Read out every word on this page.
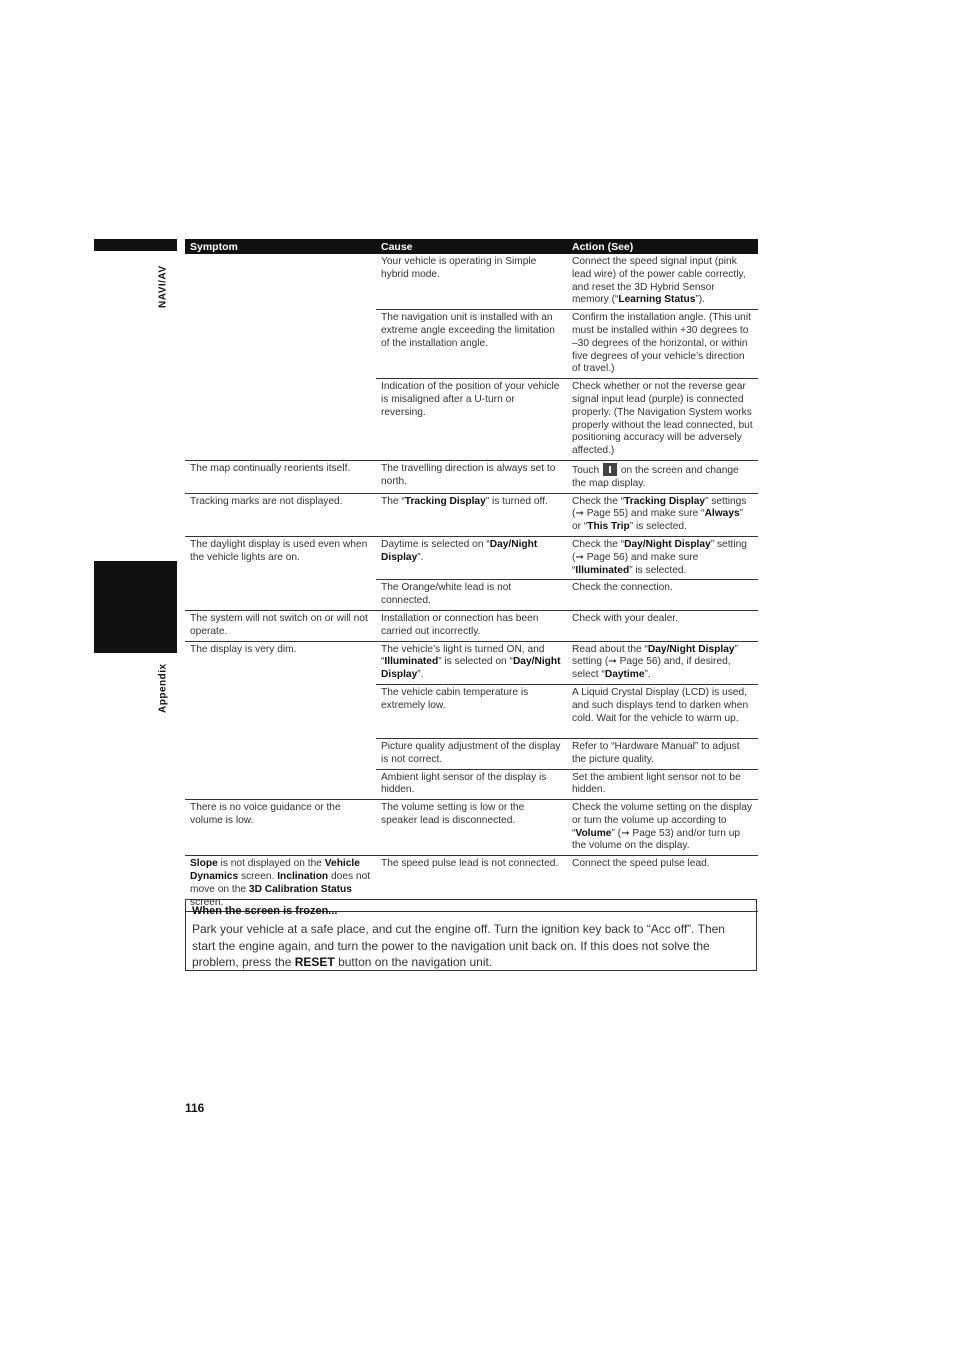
NAVI/AV
Appendix
Symptom	Cause	Action (See)
	Your vehicle is operating in Simple hybrid mode.	Connect the speed signal input (pink lead wire) of the power cable correctly, and reset the 3D Hybrid Sensor memory (“Learning Status”).
	The navigation unit is installed with an extreme angle exceeding the limitation of the installation angle.	Confirm the installation angle. (This unit must be installed within +30 degrees to –30 degrees of the horizontal, or within five degrees of your vehicle’s direction of travel.)
	Indication of the position of your vehicle is misaligned after a U-turn or reversing.	Check whether or not the reverse gear signal input lead (purple) is connected properly. (The Navigation System works properly without the lead connected, but positioning accuracy will be adversely affected.)
The map continually reorients itself.	The travelling direction is always set to north.	Touch on the screen and change the map display.
Tracking marks are not displayed.	The “Tracking Display” is turned off.	Check the “Tracking Display” settings (➞ Page 55) and make sure “Always” or “This Trip” is selected.
The daylight display is used even when the vehicle lights are on.	Daytime is selected on “Day/Night Display”.	Check the “Day/Night Display” setting (➞ Page 56) and make sure “Illuminated” is selected.
	The Orange/white lead is not connected.	Check the connection.
The system will not switch on or will not operate.	Installation or connection has been carried out incorrectly.	Check with your dealer.
The display is very dim.	The vehicle’s light is turned ON, and “Illuminated” is selected on “Day/Night Display”.	Read about the “Day/Night Display” setting (➞ Page 56) and, if desired, select “Daytime”.
	The vehicle cabin temperature is extremely low.	A Liquid Crystal Display (LCD) is used, and such displays tend to darken when cold. Wait for the vehicle to warm up.
	Picture quality adjustment of the display is not correct.	Refer to “Hardware Manual” to adjust the picture quality.
	Ambient light sensor of the display is hidden.	Set the ambient light sensor not to be hidden.
There is no voice guidance or the volume is low.	The volume setting is low or the speaker lead is disconnected.	Check the volume setting on the display or turn the volume up according to “Volume” (➞ Page 53) and/or turn up the volume on the display.
Slope is not displayed on the Vehicle Dynamics screen. Inclination does not move on the 3D Calibration Status screen.	The speed pulse lead is not connected.	Connect the speed pulse lead.
When the screen is frozen...
Park your vehicle at a safe place, and cut the engine off. Turn the ignition key back to “Acc off”. Then start the engine again, and turn the power to the navigation unit back on. If this does not solve the problem, press the RESET button on the navigation unit.
116
